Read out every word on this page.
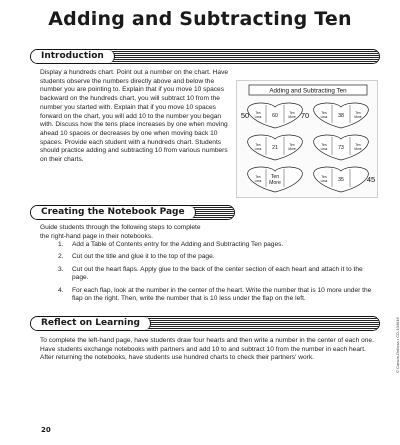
Adding and Subtracting Ten
Introduction

Display a hundreds chart. Point out a number on the chart. Have students observe the numbers directly above and below the number you are pointing to. Explain that if you move 10 spaces backward on the hundreds chart, you will subtract 10 from the number you started with. Explain that if you move 10 spaces forward on the chart, you will add 10 to the number you began with. Discuss how the tens place increases by one when moving ahead 10 spaces or decreases by one when moving back 10 spaces. Provide each student with a hundreds chart. Students should practice adding and subtracting 10 from various numbers on their charts.

Adding and Subtracting Ten
Ten
Less 60	Ten
More
50	70	Ten
Less 38	Ten
More
Ten
Less 21	Ten
More
Ten
Less 73	Ten
More
Ten
Less
Ten
More
Ten
Less 35	45
Creating the Notebook Page

Guide students through the following steps to complete the right-hand page in their notebooks.

1. Add a Table of Contents entry for the Adding and Subtracting Ten pages.
2. Cut out the title and glue it to the top of the page.
3. Cut out the heart flaps. Apply glue to the back of the center section of each heart and attach it to the page.
4. For each flap, look at the number in the center of the heart. Write the number that is 10 more under the flap on the right. Then, write the number that is 10 less under the flap on the left.
Reflect on Learning

To complete the left-hand page, have students draw four hearts and then write a number in the center of each one. Have students exchange notebooks with partners and add 10 to and subtract 10 from the number in each heart. After returning the notebooks, have students use hundred charts to check their partners' work.

20
© Carson-Dellosa • CD-104646
